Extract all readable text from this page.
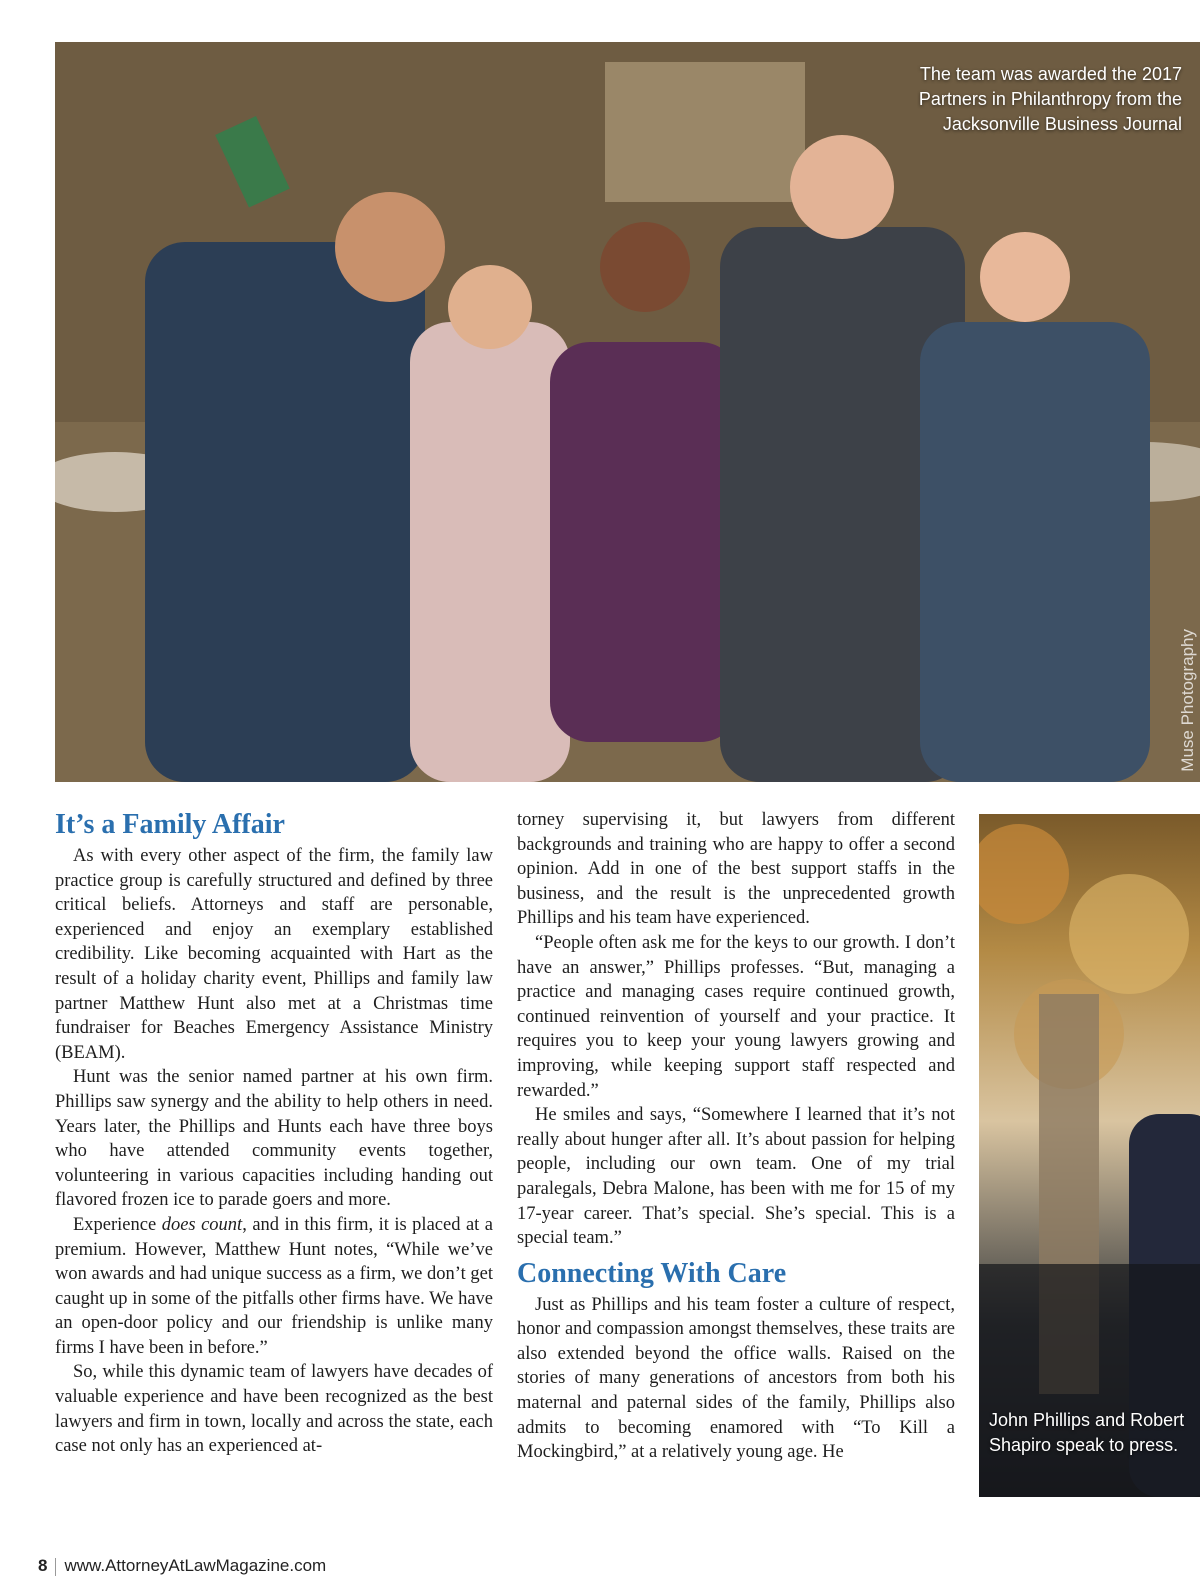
The team was awarded the 2017 Partners in Philanthropy from the Jacksonville Business Journal
Muse Photography
It’s a Family Affair

As with every other aspect of the firm, the family law practice group is carefully structured and defined by three critical beliefs. Attorneys and staff are personable, experienced and enjoy an exemplary established credibility. Like becoming acquainted with Hart as the result of a holiday charity event, Phillips and family law partner Matthew Hunt also met at a Christmas time fundraiser for Beaches Emergency Assistance Ministry (BEAM).

Hunt was the senior named partner at his own firm. Phillips saw synergy and the ability to help others in need. Years later, the Phillips and Hunts each have three boys who have attended community events together, volunteering in various capacities including handing out flavored frozen ice to parade goers and more.

Experience does count, and in this firm, it is placed at a premium. However, Matthew Hunt notes, “While we’ve won awards and had unique success as a firm, we don’t get caught up in some of the pitfalls other firms have. We have an open-door policy and our friendship is unlike many firms I have been in before.”

So, while this dynamic team of lawyers have decades of valuable experience and have been recognized as the best lawyers and firm in town, locally and across the state, each case not only has an experienced at-

torney supervising it, but lawyers from different backgrounds and training who are happy to offer a second opinion. Add in one of the best support staffs in the business, and the result is the unprecedented growth Phillips and his team have experienced.

“People often ask me for the keys to our growth. I don’t have an answer,” Phillips professes. “But, managing a practice and managing cases require continued growth, continued reinvention of yourself and your practice. It requires you to keep your young lawyers growing and improving, while keeping support staff respected and rewarded.”

He smiles and says, “Somewhere I learned that it’s not really about hunger after all. It’s about passion for helping people, including our own team. One of my trial paralegals, Debra Malone, has been with me for 15 of my 17-year career. That’s special. She’s special. This is a special team.”

Connecting With Care

Just as Phillips and his team foster a culture of respect, honor and compassion amongst themselves, these traits are also extended beyond the office walls. Raised on the stories of many generations of ancestors from both his maternal and paternal sides of the family, Phillips also admits to becoming enamored with “To Kill a Mockingbird,” at a relatively young age. He

John Phillips and Robert Shapiro speak to press.
8 www.AttorneyAtLawMagazine.com
